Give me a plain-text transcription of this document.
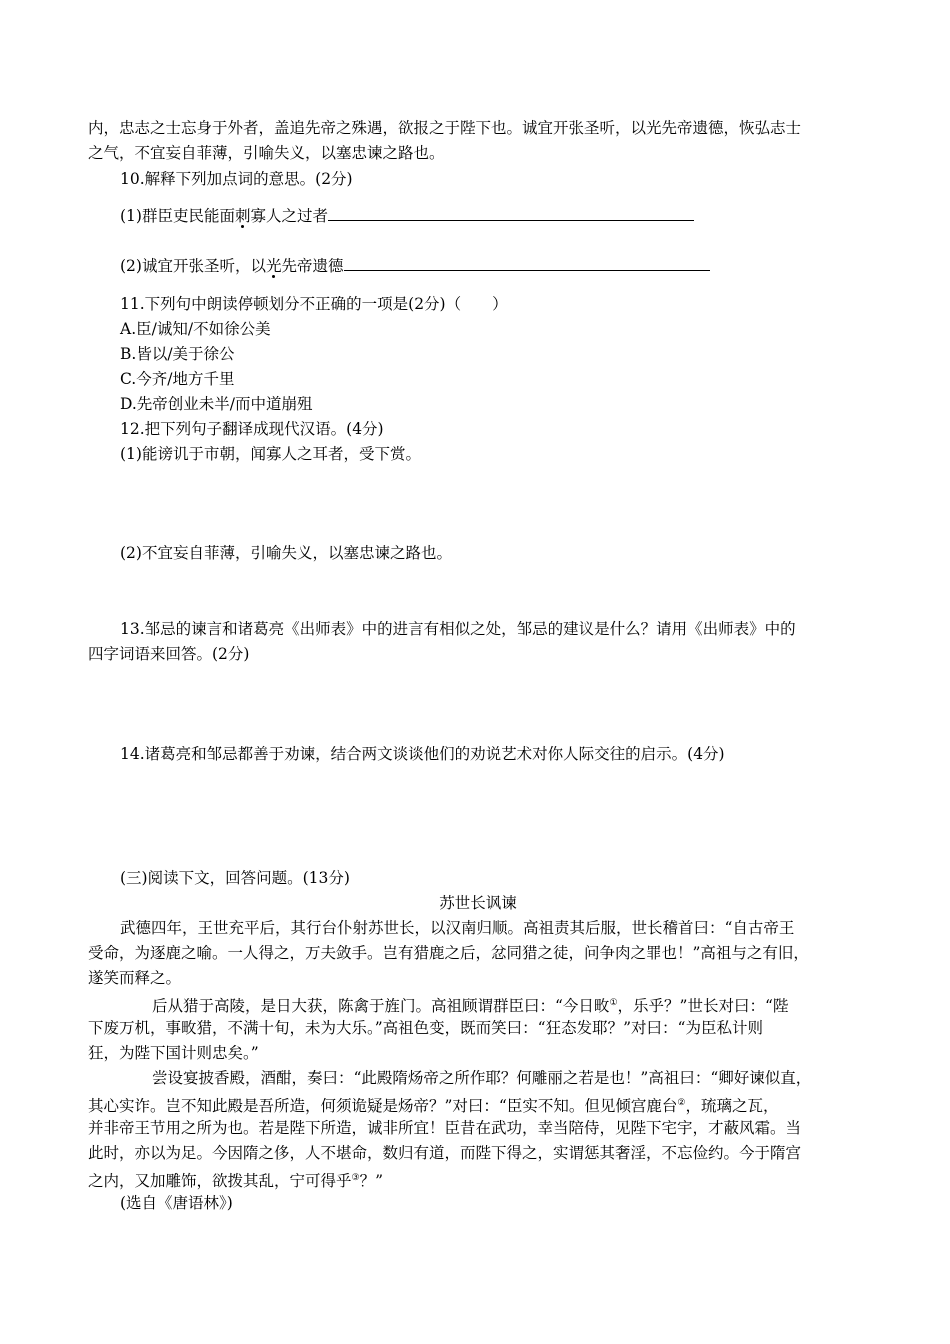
内，忠志之士忘身于外者，盖追先帝之殊遇，欲报之于陛下也。诚宜开张圣听，以光先帝遗德，恢弘志士
之气，不宜妄自菲薄，引喻失义，以塞忠谏之路也。
10.解释下列加点词的意思。(2分)
(1)群臣吏民能面刺寡人之过者
(2)诚宜开张圣听，以光先帝遗德
11.下列句中朗读停顿划分不正确的一项是(2分)（　　）
A.臣/诚知/不如徐公美
B.皆以/美于徐公
C.今齐/地方千里
D.先帝创业未半/而中道崩殂
12.把下列句子翻译成现代汉语。(4分)
(1)能谤讥于市朝，闻寡人之耳者，受下赏。
(2)不宜妄自菲薄，引喻失义，以塞忠谏之路也。
13.邹忌的谏言和诸葛亮《出师表》中的进言有相似之处，邹忌的建议是什么？请用《出师表》中的
四字词语来回答。(2分)
14.诸葛亮和邹忌都善于劝谏，结合两文谈谈他们的劝说艺术对你人际交往的启示。(4分)
(三)阅读下文，回答问题。(13分)
苏世长讽谏
武德四年，王世充平后，其行台仆射苏世长，以汉南归顺。高祖责其后服，世长稽首曰：“自古帝王
受命，为逐鹿之喻。一人得之，万夫敛手。岂有猎鹿之后，忿同猎之徒，问争肉之罪也！”高祖与之有旧，
遂笑而释之。
后从猎于高陵，是日大获，陈禽于旌门。高祖顾谓群臣曰：“今日畋①，乐乎？”世长对曰：“陛
下废万机，事畋猎，不满十旬，未为大乐。”高祖色变，既而笑曰：“狂态发耶？”对曰：“为臣私计则
狂，为陛下国计则忠矣。”
尝设宴披香殿，酒酣，奏曰：“此殿隋炀帝之所作耶？何雕丽之若是也！”高祖曰：“卿好谏似直，
其心实诈。岂不知此殿是吾所造，何须诡疑是炀帝？”对曰：“臣实不知。但见倾宫鹿台②，琉璃之瓦，
并非帝王节用之所为也。若是陛下所造，诚非所宜！臣昔在武功，幸当陪侍，见陛下宅宇，才蔽风霜。当
此时，亦以为足。今因隋之侈，人不堪命，数归有道，而陛下得之，实谓惩其奢淫，不忘俭约。今于隋宫
之内，又加雕饰，欲拨其乱，宁可得乎③？”
(选自《唐语林》)
